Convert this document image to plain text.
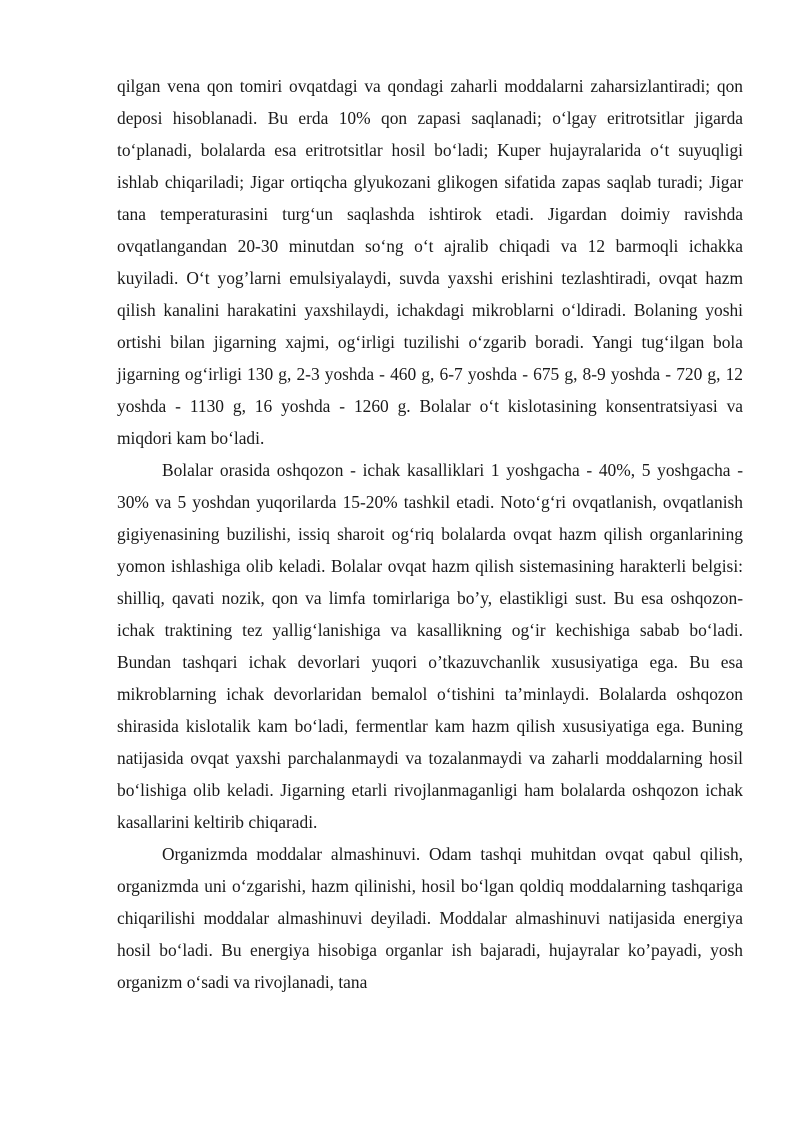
qilgan vena qon tomiri ovqatdagi va qondagi zaharli moddalarni zaharsizlantiradi; qon deposi hisoblanadi. Bu erda 10% qon zapasi saqlanadi; o‘lgay eritrotsitlar jigarda to‘planadi, bolalarda esa eritrotsitlar hosil bo‘ladi; Kuper hujayralarida o‘t suyuqligi ishlab chiqariladi; Jigar ortiqcha glyukozani glikogen sifatida zapas saqlab turadi; Jigar tana temperaturasini turg‘un saqlashda ishtirok etadi. Jigardan doimiy ravishda ovqatlangandan 20-30 minutdan so‘ng o‘t ajralib chiqadi va 12 barmoqli ichakka kuyiladi. O‘t yog’larni emulsiyalaydi, suvda yaxshi erishini tezlashtiradi, ovqat hazm qilish kanalini harakatini yaxshilaydi, ichakdagi mikroblarni o‘ldiradi. Bolaning yoshi ortishi bilan jigarning xajmi, og‘irligi tuzilishi o‘zgarib boradi. Yangi tug‘ilgan bola jigarning og‘irligi 130 g, 2-3 yoshda - 460 g, 6-7 yoshda - 675 g, 8-9 yoshda - 720 g, 12 yoshda - 1130 g, 16 yoshda - 1260 g. Bolalar o‘t kislotasining konsentratsiyasi va miqdori kam bo‘ladi.

Bolalar orasida oshqozon - ichak kasalliklari 1 yoshgacha - 40%, 5 yoshgacha - 30% va 5 yoshdan yuqorilarda 15-20% tashkil etadi. Noto‘g‘ri ovqatlanish, ovqatlanish gigiyenasining buzilishi, issiq sharoit og‘riq bolalarda ovqat hazm qilish organlarining yomon ishlashiga olib keladi. Bolalar ovqat hazm qilish sistemasining harakterli belgisi: shilliq, qavati nozik, qon va limfa tomirlariga bo’y, elastikligi sust. Bu esa oshqozon-ichak traktining tez yallig‘lanishiga va kasallikning og‘ir kechishiga sabab bo‘ladi. Bundan tashqari ichak devorlari yuqori o’tkazuvchanlik xususiyatiga ega. Bu esa mikroblarning ichak devorlaridan bemalol o‘tishini ta’minlaydi. Bolalarda oshqozon shirasida kislotalik kam bo‘ladi, fermentlar kam hazm qilish xususiyatiga ega. Buning natijasida ovqat yaxshi parchalanmaydi va tozalanmaydi va zaharli moddalarning hosil bo‘lishiga olib keladi. Jigarning etarli rivojlanmaganligi ham bolalarda oshqozon ichak kasallarini keltirib chiqaradi.

Organizmda moddalar almashinuvi. Odam tashqi muhitdan ovqat qabul qilish, organizmda uni o‘zgarishi, hazm qilinishi, hosil bo‘lgan qoldiq moddalarning tashqariga chiqarilishi moddalar almashinuvi deyiladi. Moddalar almashinuvi natijasida energiya hosil bo‘ladi. Bu energiya hisobiga organlar ish bajaradi, hujayralar ko’payadi, yosh organizm o‘sadi va rivojlanadi, tana
